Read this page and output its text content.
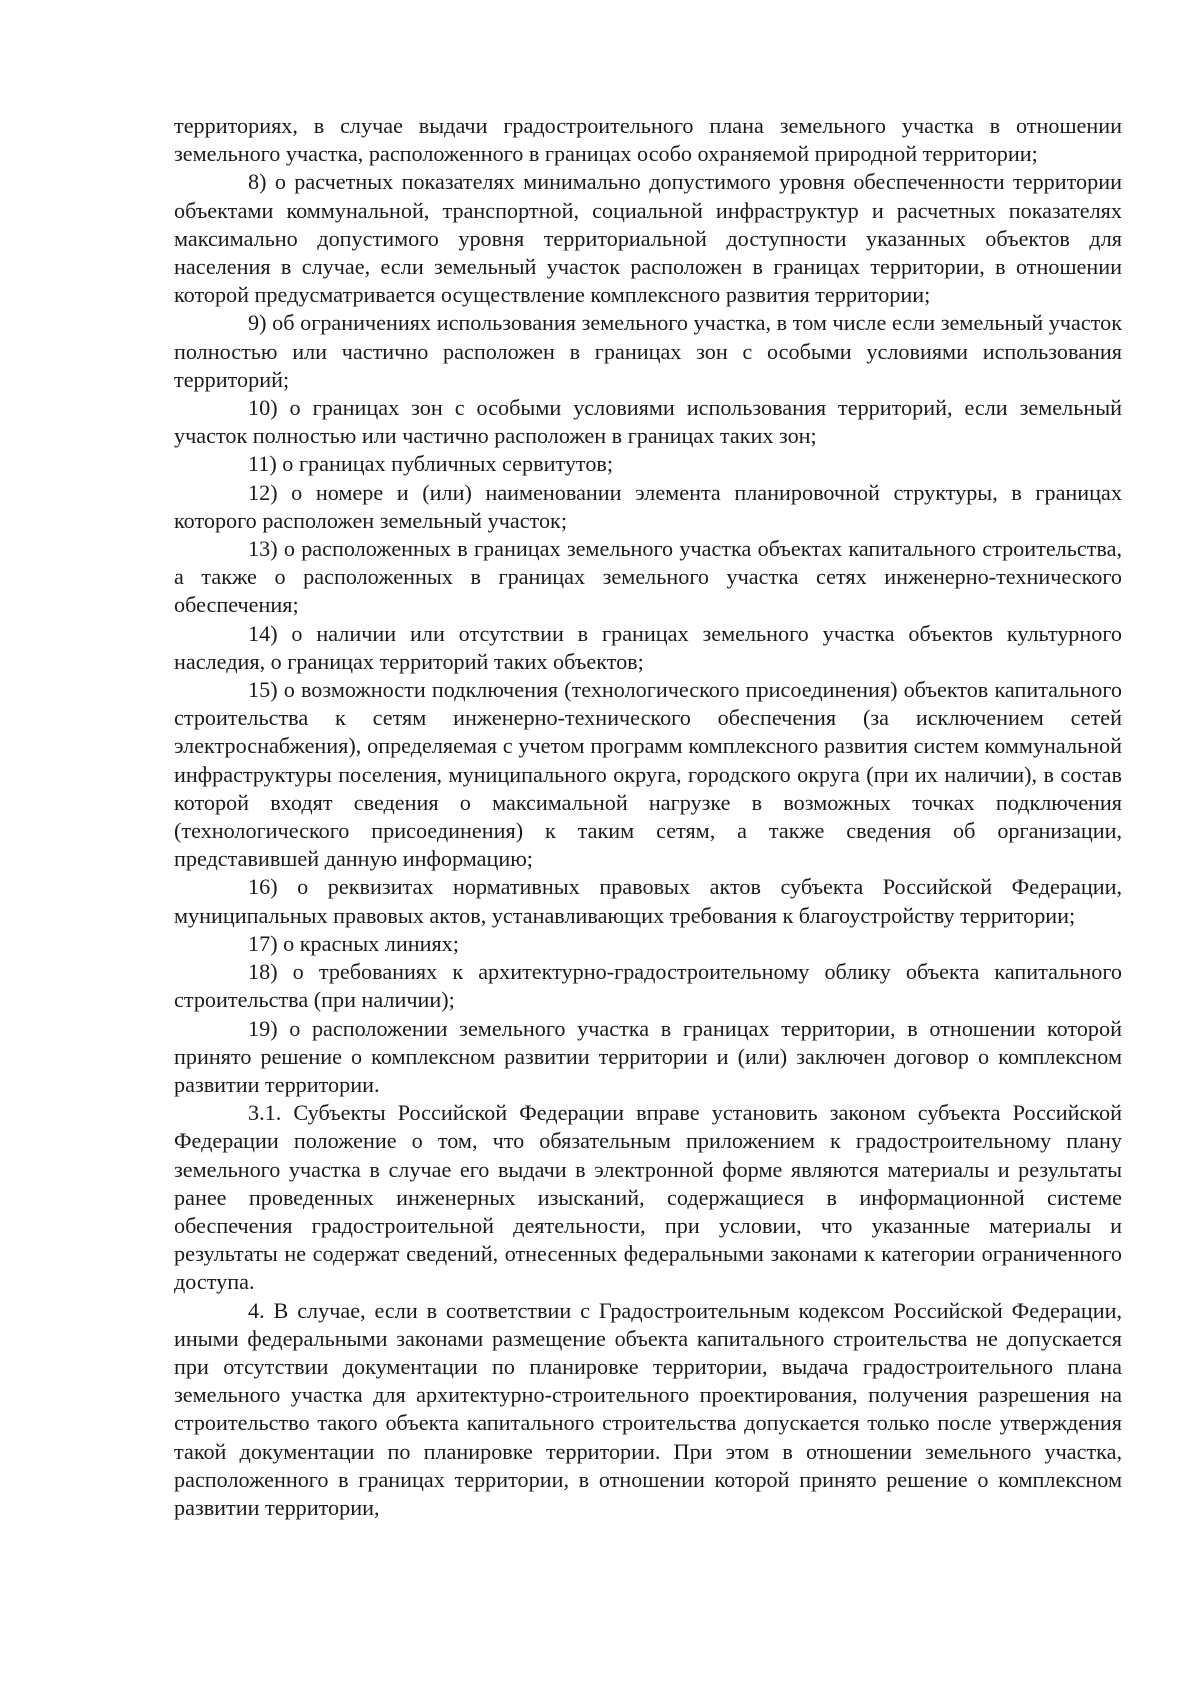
территориях, в случае выдачи градостроительного плана земельного участка в отношении земельного участка, расположенного в границах особо охраняемой природной территории;

8) о расчетных показателях минимально допустимого уровня обеспеченности территории объектами коммунальной, транспортной, социальной инфраструктур и расчетных показателях максимально допустимого уровня территориальной доступности указанных объектов для населения в случае, если земельный участок расположен в границах территории, в отношении которой предусматривается осуществление комплексного развития территории;

9) об ограничениях использования земельного участка, в том числе если земельный участок полностью или частично расположен в границах зон с особыми условиями использования территорий;

10) о границах зон с особыми условиями использования территорий, если земельный участок полностью или частично расположен в границах таких зон;

11) о границах публичных сервитутов;

12) о номере и (или) наименовании элемента планировочной структуры, в границах которого расположен земельный участок;

13) о расположенных в границах земельного участка объектах капитального строительства, а также о расположенных в границах земельного участка сетях инженерно-технического обеспечения;

14) о наличии или отсутствии в границах земельного участка объектов культурного наследия, о границах территорий таких объектов;

15) о возможности подключения (технологического присоединения) объектов капитального строительства к сетям инженерно-технического обеспечения (за исключением сетей электроснабжения), определяемая с учетом программ комплексного развития систем коммунальной инфраструктуры поселения, муниципального округа, городского округа (при их наличии), в состав которой входят сведения о максимальной нагрузке в возможных точках подключения (технологического присоединения) к таким сетям, а также сведения об организации, представившей данную информацию;

16) о реквизитах нормативных правовых актов субъекта Российской Федерации, муниципальных правовых актов, устанавливающих требования к благоустройству территории;

17) о красных линиях;

18) о требованиях к архитектурно-градостроительному облику объекта капитального строительства (при наличии);

19) о расположении земельного участка в границах территории, в отношении которой принято решение о комплексном развитии территории и (или) заключен договор о комплексном развитии территории.

3.1. Субъекты Российской Федерации вправе установить законом субъекта Российской Федерации положение о том, что обязательным приложением к градостроительному плану земельного участка в случае его выдачи в электронной форме являются материалы и результаты ранее проведенных инженерных изысканий, содержащиеся в информационной системе обеспечения градостроительной деятельности, при условии, что указанные материалы и результаты не содержат сведений, отнесенных федеральными законами к категории ограниченного доступа.

4. В случае, если в соответствии с Градостроительным кодексом Российской Федерации, иными федеральными законами размещение объекта капитального строительства не допускается при отсутствии документации по планировке территории, выдача градостроительного плана земельного участка для архитектурно-строительного проектирования, получения разрешения на строительство такого объекта капитального строительства допускается только после утверждения такой документации по планировке территории. При этом в отношении земельного участка, расположенного в границах территории, в отношении которой принято решение о комплексном развитии территории,
